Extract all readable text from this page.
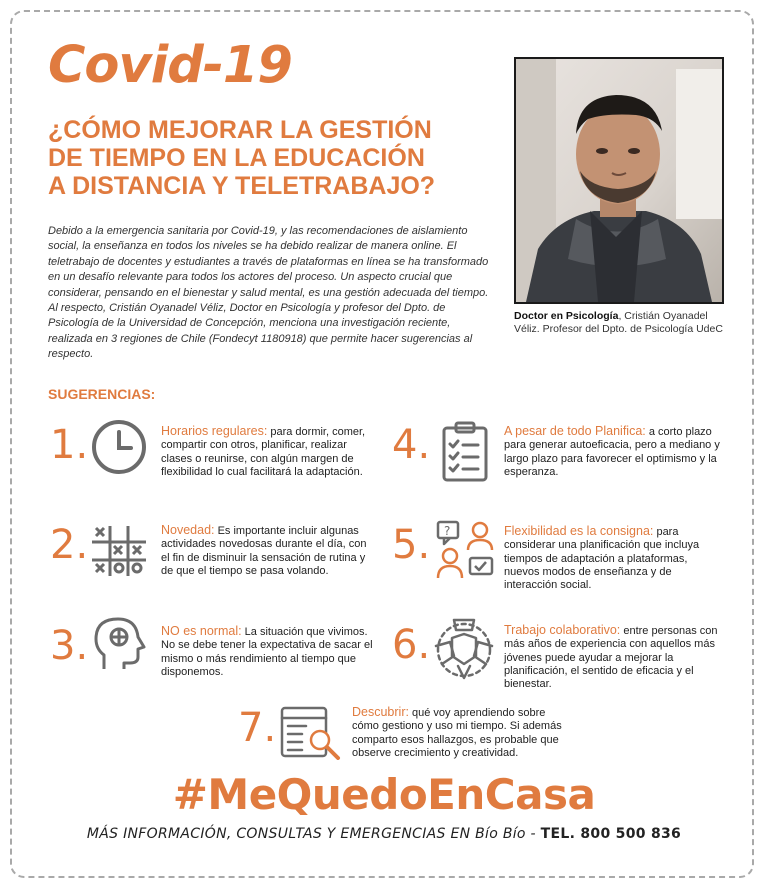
Covid-19
¿CÓMO MEJORAR LA GESTIÓN
DE TIEMPO EN LA EDUCACIÓN
A DISTANCIA Y TELETRABAJO?

Debido a la emergencia sanitaria por Covid-19, y las recomendaciones de aislamiento social, la enseñanza en todos los niveles se ha debido realizar de manera online. El teletrabajo de docentes y estudiantes a través de plataformas en línea se ha transformado en un desafío relevante para todos los actores del proceso. Un aspecto crucial que considerar, pensando en el bienestar y salud mental, es una gestión adecuada del tiempo. Al respecto, Cristián Oyanadel Véliz, Doctor en Psicología y profesor del Dpto. de Psicología de la Universidad de Concepción, menciona una investigación reciente, realizada en 3 regiones de Chile (Fondecyt 1180918) que permite hacer sugerencias al respecto.

Doctor en Psicología, Cristián Oyanadel Véliz. Profesor del Dpto. de Psicología UdeC

SUGERENCIAS:
1.	Horarios regulares: para dormir, comer, compartir con otros, planificar, realizar clases o reunirse, con algún margen de flexibilidad lo cual facilitará la adaptación.

2.	Novedad: Es importante incluir algunas actividades novedosas durante el día, con el fin de disminuir la sensación de rutina y de que el tiempo se pasa volando.

3.	NO es normal: La situación que vivimos. No se debe tener la expectativa de sacar el mismo o más rendimiento al tiempo que disponemos.

4.	A pesar de todo Planifica: a corto plazo para generar autoeficacia, pero a mediano y largo plazo para favorecer el optimismo y la esperanza.

5. ?	Flexibilidad es la consigna: para considerar una planificación que incluya tiempos de adaptación a plataformas, nuevos modos de enseñanza y de interacción social.

6.	Trabajo colaborativo: entre personas con más años de experiencia con aquellos más jóvenes puede ayudar a mejorar la planificación, el sentido de eficacia y el bienestar.

7.	Descubrir: qué voy aprendiendo sobre cómo gestiono y uso mi tiempo. Si además comparto esos hallazgos, es probable que observe crecimiento y creatividad.

#MeQuedoEnCasa
MÁS INFORMACIÓN, CONSULTAS Y EMERGENCIAS EN Bío Bío - TEL. 800 500 836
